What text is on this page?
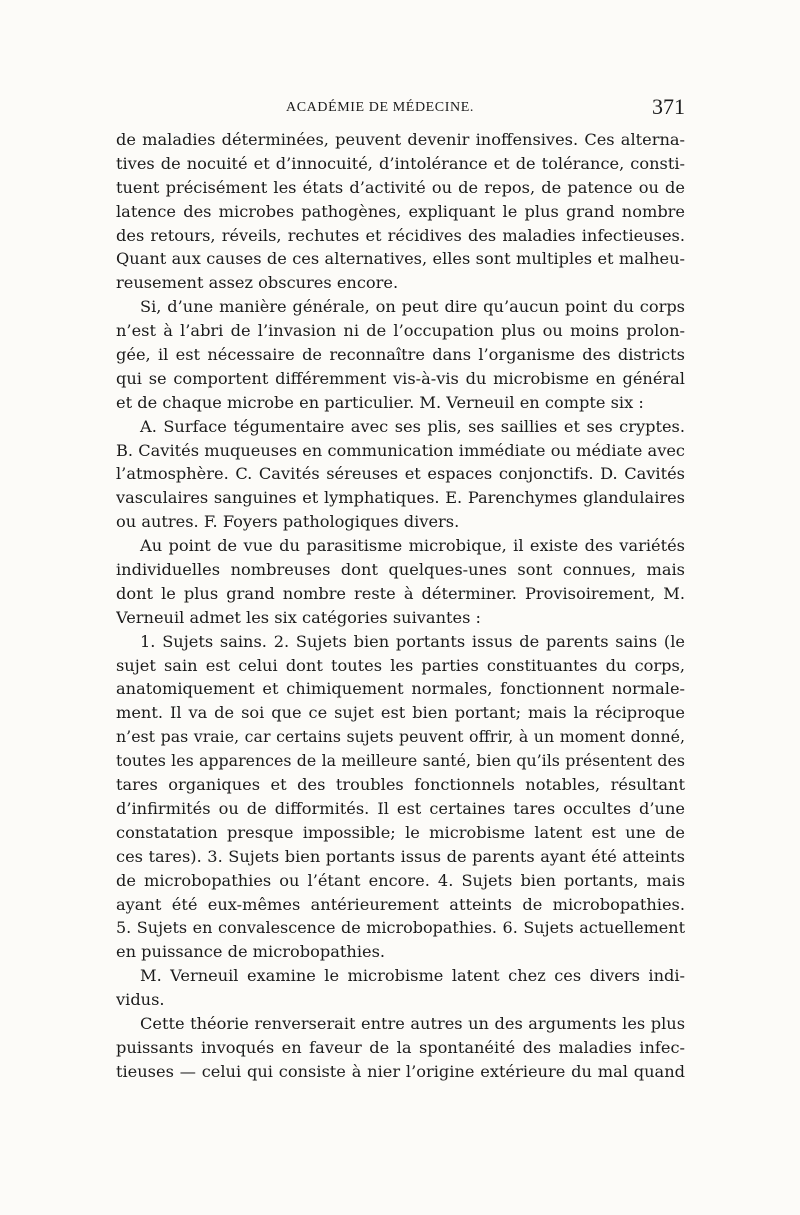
ACADÉMIE DE MÉDECINE.	371
de maladies déterminées, peuvent devenir inoffensives. Ces alterna-
tives de nocuité et d’innocuité, d’intolérance et de tolérance, consti-
tuent précisément les états d’activité ou de repos, de patence ou de
latence des microbes pathogènes, expliquant le plus grand nombre
des retours, réveils, rechutes et récidives des maladies infectieuses.
Quant aux causes de ces alternatives, elles sont multiples et malheu-
reusement assez obscures encore.
Si, d’une manière générale, on peut dire qu’aucun point du corps
n’est à l’abri de l’invasion ni de l’occupation plus ou moins prolon-
gée, il est nécessaire de reconnaître dans l’organisme des districts
qui se comportent différemment vis-à-vis du microbisme en général
et de chaque microbe en particulier. M. Verneuil en compte six :
A. Surface tégumentaire avec ses plis, ses saillies et ses cryptes.
B. Cavités muqueuses en communication immédiate ou médiate avec
l’atmosphère. C. Cavités séreuses et espaces conjonctifs. D. Cavités
vasculaires sanguines et lymphatiques. E. Parenchymes glandulaires
ou autres. F. Foyers pathologiques divers.
Au point de vue du parasitisme microbique, il existe des variétés
individuelles nombreuses dont quelques-unes sont connues, mais
dont le plus grand nombre reste à déterminer. Provisoirement, M.
Verneuil admet les six catégories suivantes :
1. Sujets sains. 2. Sujets bien portants issus de parents sains (le
sujet sain est celui dont toutes les parties constituantes du corps,
anatomiquement et chimiquement normales, fonctionnent normale-
ment. Il va de soi que ce sujet est bien portant; mais la réciproque
n’est pas vraie, car certains sujets peuvent offrir, à un moment donné,
toutes les apparences de la meilleure santé, bien qu’ils présentent des
tares organiques et des troubles fonctionnels notables, résultant
d’infirmités ou de difformités. Il est certaines tares occultes d’une
constatation presque impossible; le microbisme latent est une de
ces tares). 3. Sujets bien portants issus de parents ayant été atteints
de microbopathies ou l’étant encore. 4. Sujets bien portants, mais
ayant été eux-mêmes antérieurement atteints de microbopathies.
5. Sujets en convalescence de microbopathies. 6. Sujets actuellement
en puissance de microbopathies.
M. Verneuil examine le microbisme latent chez ces divers indi-
vidus.
Cette théorie renverserait entre autres un des arguments les plus
puissants invoqués en faveur de la spontanéité des maladies infec-
tieuses — celui qui consiste à nier l’origine extérieure du mal quand
